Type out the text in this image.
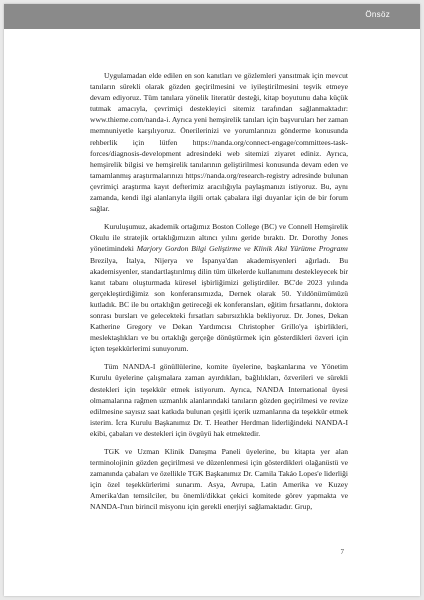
Önsöz

Uygulamadan elde edilen en son kanıtları ve gözlemleri yansıtmak için mevcut tanıların sürekli olarak gözden geçirilmesini ve iyileştirilmesini teşvik etmeye devam ediyoruz. Tüm tanılara yönelik literatür desteği, kitap boyutunu daha küçük tutmak amacıyla, çevrimiçi destekleyici sitemiz tarafından sağlanmaktadır: www.thieme.com/nanda-i. Ayrıca yeni hemşirelik tanıları için başvuruları her zaman memnuniyetle karşılıyoruz. Önerilerinizi ve yorumlarınızı gönderme konusunda rehberlik için lütfen https://nanda.org/connect-engage/committees-task-forces/diagnosis-development adresindeki web sitemizi ziyaret ediniz. Ayrıca, hemşirelik bilgisi ve hemşirelik tanılarının geliştirilmesi konusunda devam eden ve tamamlanmış araştırmalarınızı https://nanda.org/research-registry adresinde bulunan çevrimiçi araştırma kayıt defterimiz aracılığıyla paylaşmanızı istiyoruz. Bu, aynı zamanda, kendi ilgi alanlarıyla ilgili ortak çabalara ilgi duyanlar için de bir forum sağlar.

Kuruluşumuz, akademik ortağımız Boston College (BC) ve Connell Hemşirelik Okulu ile stratejik ortaklığımızın altıncı yılını geride bıraktı. Dr. Dorothy Jones yönetimindeki Marjory Gordon Bilgi Geliştirme ve Klinik Akıl Yürütme Programı Brezilya, İtalya, Nijerya ve İspanya'dan akademisyenleri ağırladı. Bu akademisyenler, standartlaştırılmış dilin tüm ülkelerde kullanımını destekleyecek bir kanıt tabanı oluşturmada küresel işbirliğimizi geliştirdiler. BC'de 2023 yılında gerçekleştirdiğimiz son konferansımızda, Dernek olarak 50. Yıldönümümüzü kutladık. BC ile bu ortaklığın getireceği ek konferansları, eğitim fırsatlarını, doktora sonrası bursları ve gelecekteki fırsatları sabırsızlıkla bekliyoruz. Dr. Jones, Dekan Katherine Gregory ve Dekan Yardımcısı Christopher Grillo'ya işbirlikleri, meslektaşlıkları ve bu ortaklığı gerçeğe dönüştürmek için gösterdikleri özveri için içten teşekkürlerimi sunuyorum.

Tüm NANDA-I gönüllülerine, komite üyelerine, başkanlarına ve Yönetim Kurulu üyelerine çalışmalara zaman ayırdıkları, bağlılıkları, özverileri ve sürekli destekleri için teşekkür etmek istiyorum. Ayrıca, NANDA International üyesi olmamalarına rağmen uzmanlık alanlarındaki tanıların gözden geçirilmesi ve revize edilmesine sayısız saat katkıda bulunan çeşitli içerik uzmanlarına da teşekkür etmek isterim. İcra Kurulu Başkanımız Dr. T. Heather Herdman liderliğindeki NANDA-I ekibi, çabaları ve destekleri için övgüyü hak etmektedir.

TGK ve Uzman Klinik Danışma Paneli üyelerine, bu kitapta yer alan terminolojinin gözden geçirilmesi ve düzenlenmesi için gösterdikleri olağanüstü ve zamanında çabaları ve özellikle TGK Başkanımız Dr. Camila Takáo Lopes'e liderliği için özel teşekkürlerimi sunarım. Asya, Avrupa, Latin Amerika ve Kuzey Amerika'dan temsilciler, bu önemli/dikkat çekici komitede görev yapmakta ve NANDA-I'nın birincil misyonu için gerekli enerjiyi sağlamaktadır. Grup,

7
